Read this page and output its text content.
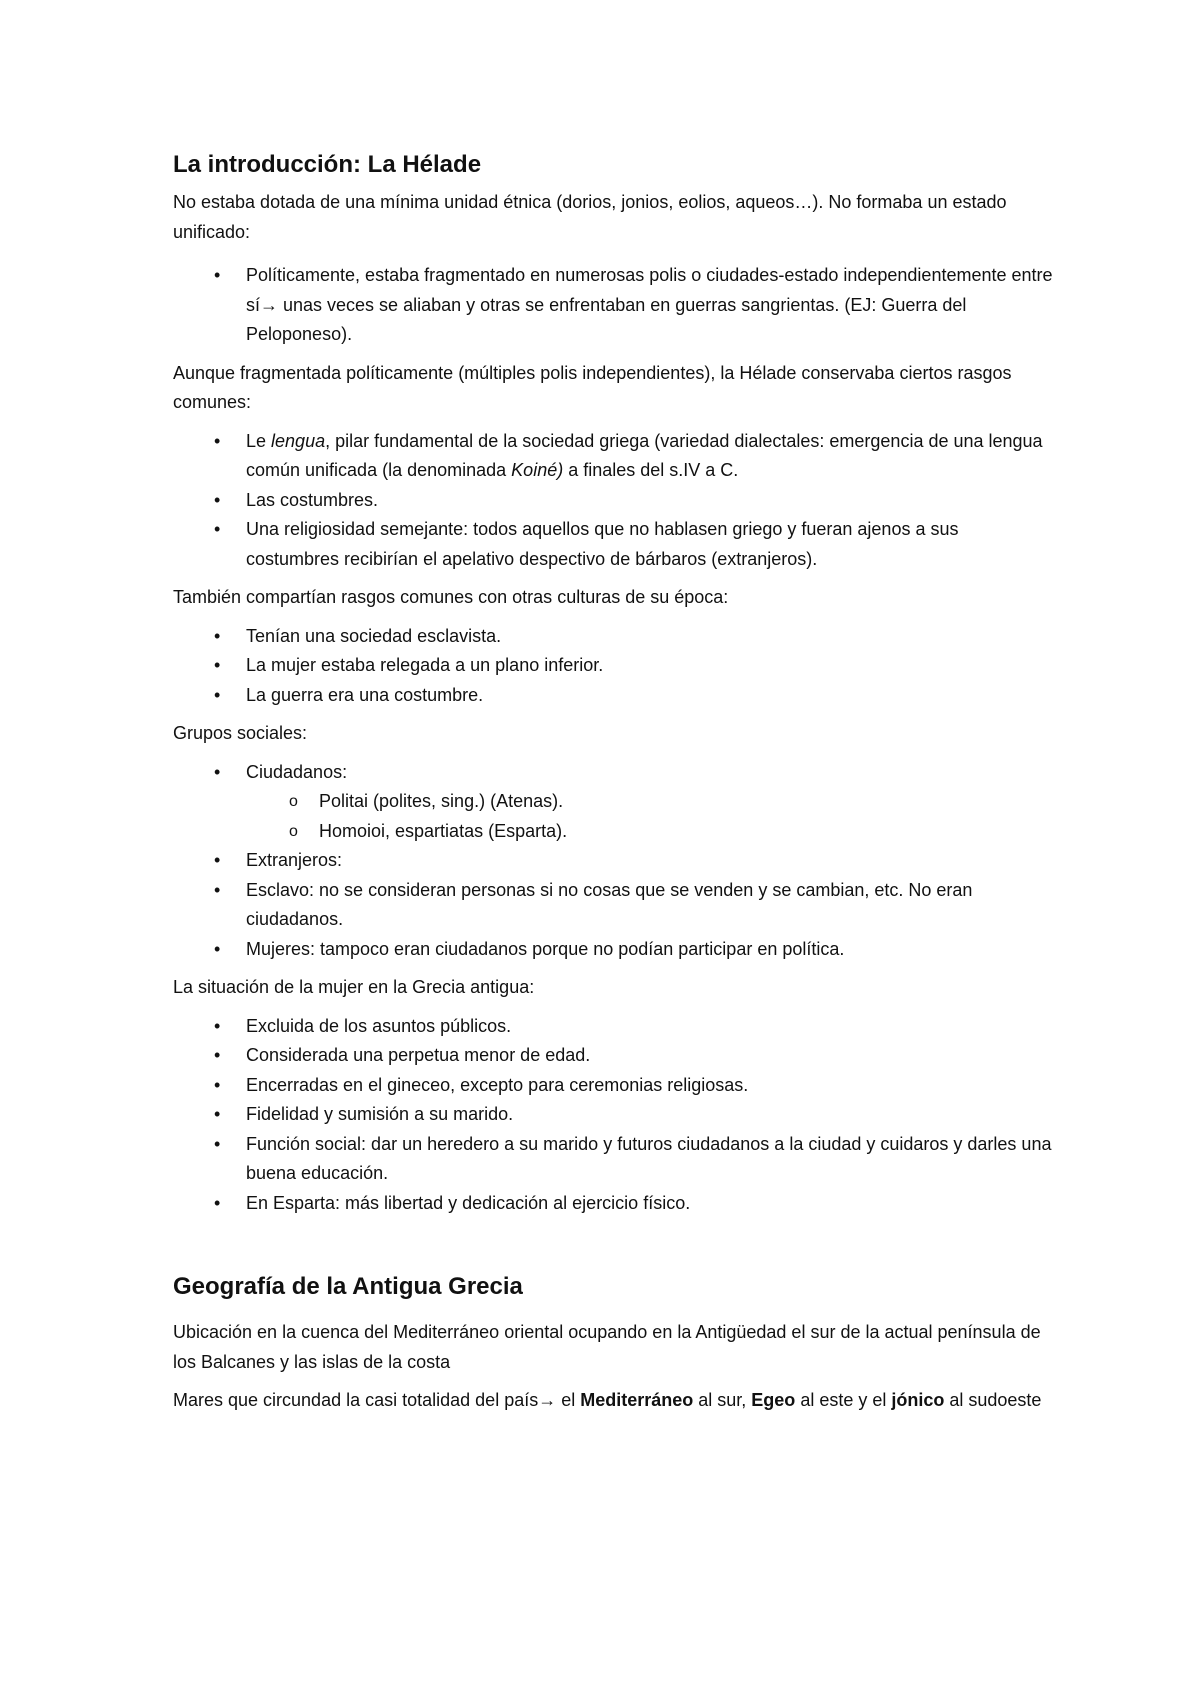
La introducción: La Hélade

No estaba dotada de una mínima unidad étnica (dorios, jonios, eolios, aqueos…). No formaba un estado unificado:

• Políticamente, estaba fragmentado en numerosas polis o ciudades-estado independientemente entre sí→ unas veces se aliaban y otras se enfrentaban en guerras sangrientas. (EJ: Guerra del Peloponeso).

Aunque fragmentada políticamente (múltiples polis independientes), la Hélade conservaba ciertos rasgos comunes:

• Le lengua, pilar fundamental de la sociedad griega (variedad dialectales: emergencia de una lengua común unificada (la denominada Koiné) a finales del s.IV a C.
• Las costumbres.
• Una religiosidad semejante: todos aquellos que no hablasen griego y fueran ajenos a sus costumbres recibirían el apelativo despectivo de bárbaros (extranjeros).

También compartían rasgos comunes con otras culturas de su época:

• Tenían una sociedad esclavista.
• La mujer estaba relegada a un plano inferior.
• La guerra era una costumbre.

Grupos sociales:

• Ciudadanos:
o Politai (polites, sing.) (Atenas).
o Homoioi, espartiatas (Esparta).
• Extranjeros:
• Esclavo: no se consideran personas si no cosas que se venden y se cambian, etc. No eran ciudadanos.
• Mujeres: tampoco eran ciudadanos porque no podían participar en política.

La situación de la mujer en la Grecia antigua:

• Excluida de los asuntos públicos.
• Considerada una perpetua menor de edad.
• Encerradas en el gineceo, excepto para ceremonias religiosas.
• Fidelidad y sumisión a su marido.
• Función social: dar un heredero a su marido y futuros ciudadanos a la ciudad y cuidaros y darles una buena educación.
• En Esparta: más libertad y dedicación al ejercicio físico.
Geografía de la Antigua Grecia

Ubicación en la cuenca del Mediterráneo oriental ocupando en la Antigüedad el sur de la actual península de los Balcanes y las islas de la costa

Mares que circundad la casi totalidad del país→ el Mediterráneo al sur, Egeo al este y el jónico al sudoeste
